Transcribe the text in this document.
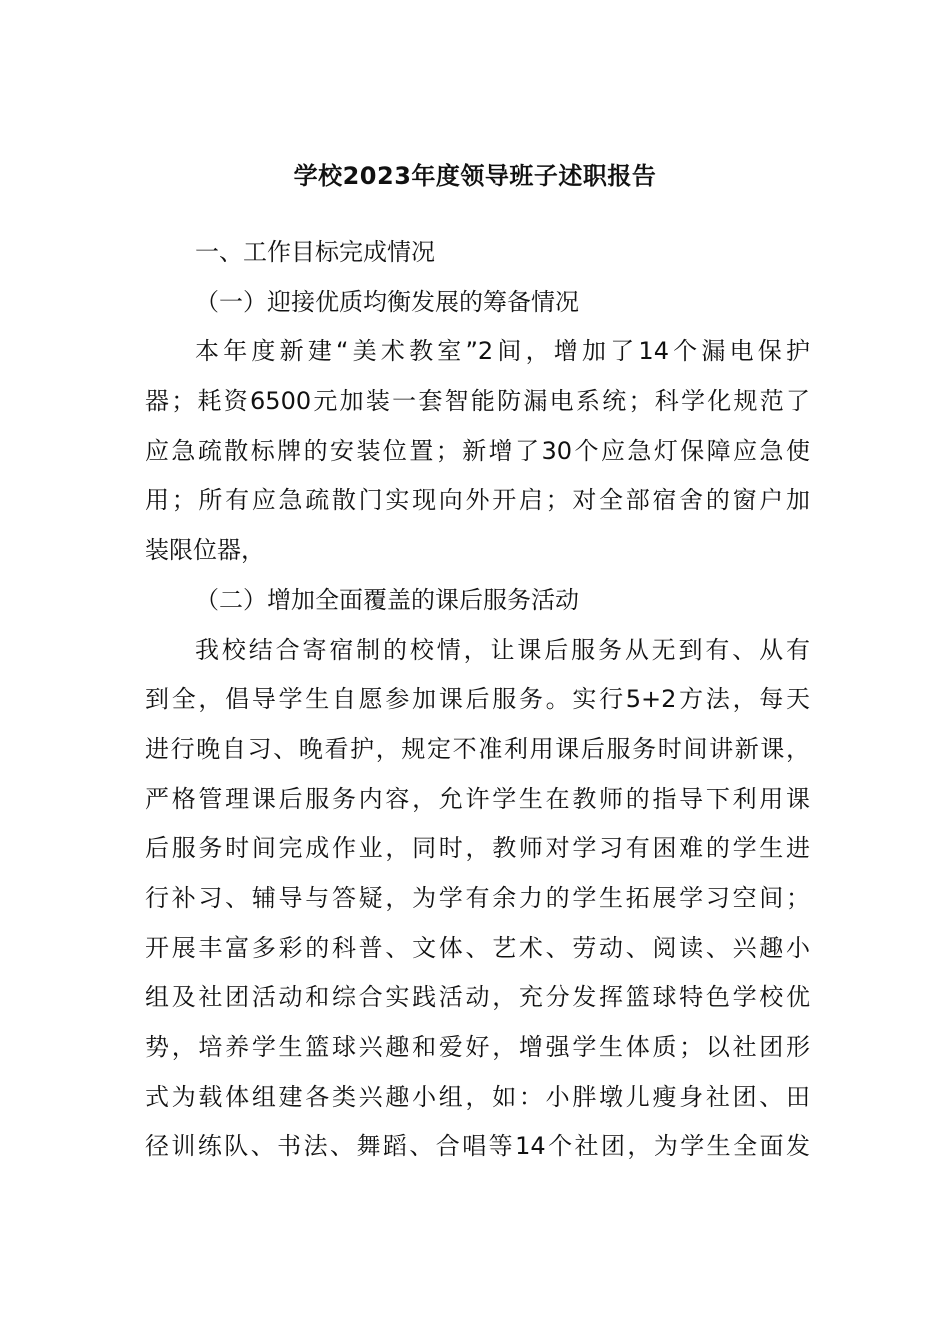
学校2023年度领导班子述职报告
一、工作目标完成情况
（一）迎接优质均衡发展的筹备情况
本年度新建“美术教室”2间，增加了14个漏电保护
器；耗资6500元加装一套智能防漏电系统；科学化规范了
应急疏散标牌的安装位置；新增了30个应急灯保障应急使
用；所有应急疏散门实现向外开启；对全部宿舍的窗户加
装限位器，
（二）增加全面覆盖的课后服务活动
我校结合寄宿制的校情，让课后服务从无到有、从有
到全，倡导学生自愿参加课后服务。实行5+2方法，每天
进行晚自习、晚看护，规定不准利用课后服务时间讲新课，
严格管理课后服务内容，允许学生在教师的指导下利用课
后服务时间完成作业，同时，教师对学习有困难的学生进
行补习、辅导与答疑，为学有余力的学生拓展学习空间；
开展丰富多彩的科普、文体、艺术、劳动、阅读、兴趣小
组及社团活动和综合实践活动，充分发挥篮球特色学校优
势，培养学生篮球兴趣和爱好，增强学生体质；以社团形
式为载体组建各类兴趣小组，如：小胖墩儿瘦身社团、田
径训练队、书法、舞蹈、合唱等14个社团，为学生全面发
